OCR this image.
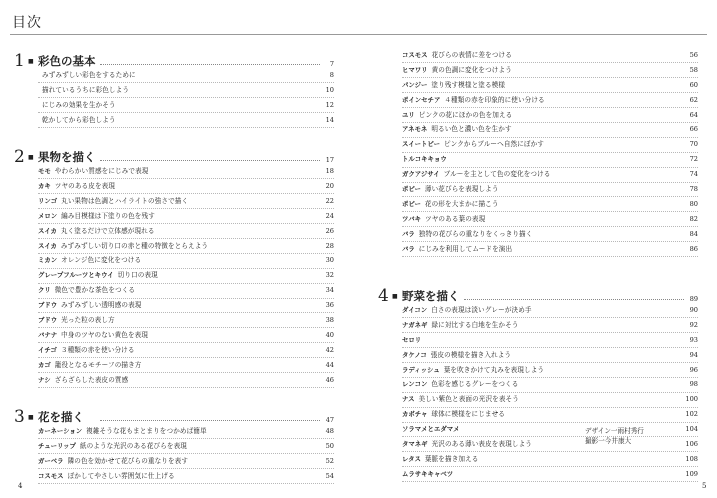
目次
1 彩色の基本	7
■
みずみずしい彩色をするために	8
描れているうちに彩色しよう	10
にじみの効果を生かそう	12
乾かしてから彩色しよう	14
2 果物を描く	17
■
モモ やわらかい質感をにじみで表現	18
カキ ツヤのある皮を表現	20
リンゴ 丸い果物は色調とハイライトの強さで描く	22
メロン 編み目模様は下塗りの色を残す	24
スイカ 丸く塗るだけで立体感が現れる	26
スイカ みずみずしい切り口の赤と種の特徴をとらえよう	28
ミカン オレンジ色に変化をつける	30
グレープフルーツとキウイ 切り口の表現	32
クリ 微色で豊かな茶色をつくる	34
ブドウ みずみずしい透明感の表現	36
ブドウ 光った粒の表し方	38
バナナ 中身のツヤのない黄色を表現	40
イチゴ ３種類の赤を使い分ける	42
カゴ 籠役となるモチーフの描き方	44
ナシ ざらざらした表皮の質感	46
3 花を描く	47
■
カーネーション 複雑そうな花もまとまりをつかめば簡単	48
チューリップ 紙のような光沢のある花びらを表現	50
ガーベラ 隣の色を効かせて花びらの重なりを表す	52
コスモス ぼかしてやさしい雰囲気に仕上げる	54
コスモス 花びらの表情に差をつける	56
ヒマワリ 黄の色調に変化をつけよう	58
パンジー 塗り残す模様と塗る模様	60
ポインセチア ４種類の赤を印象的に使い分ける	62
ユリ ピンクの花にほかの色を加える	64
アネモネ 明るい色と濃い色を生かす	66
スイートピー ピンクからブルーへ自然にぼかす	70
トルコキキョウ	72
ガクアジサイ ブルーを主として色の変化をつける	74
ポピー 薄い花びらを表現しよう	78
ポピー 花の形を大まかに描こう	80
ツバキ ツヤのある葉の表現	82
バラ 独特の花びらの重なりをくっきり描く	84
バラ にじみを利用してムードを演出	86
4 野菜を描く	89
■
ダイコン 白さの表現は淡いグレーが決め手	90
ナガネギ 緑に対比する白地を生かそう	92
セロリ	93
タケノコ 張皮の模様を描き入れよう	94
ラディッシュ 葉を吹きかけて丸みを表現しよう	96
レンコン 色彩を感じるグレーをつくる	98
ナス 美しい紫色と表面の光沢を表そう	100
カボチャ 球体に模様をにじませる	102
ソラマメとエダマメ	104
タマネギ 光沢のある薄い表皮を表現しよう	106
レタス 葉脈を描き加える	108
ムラサキキャベツ	109
デザイン一雨村秀行
撮影一今井康大
4	5
